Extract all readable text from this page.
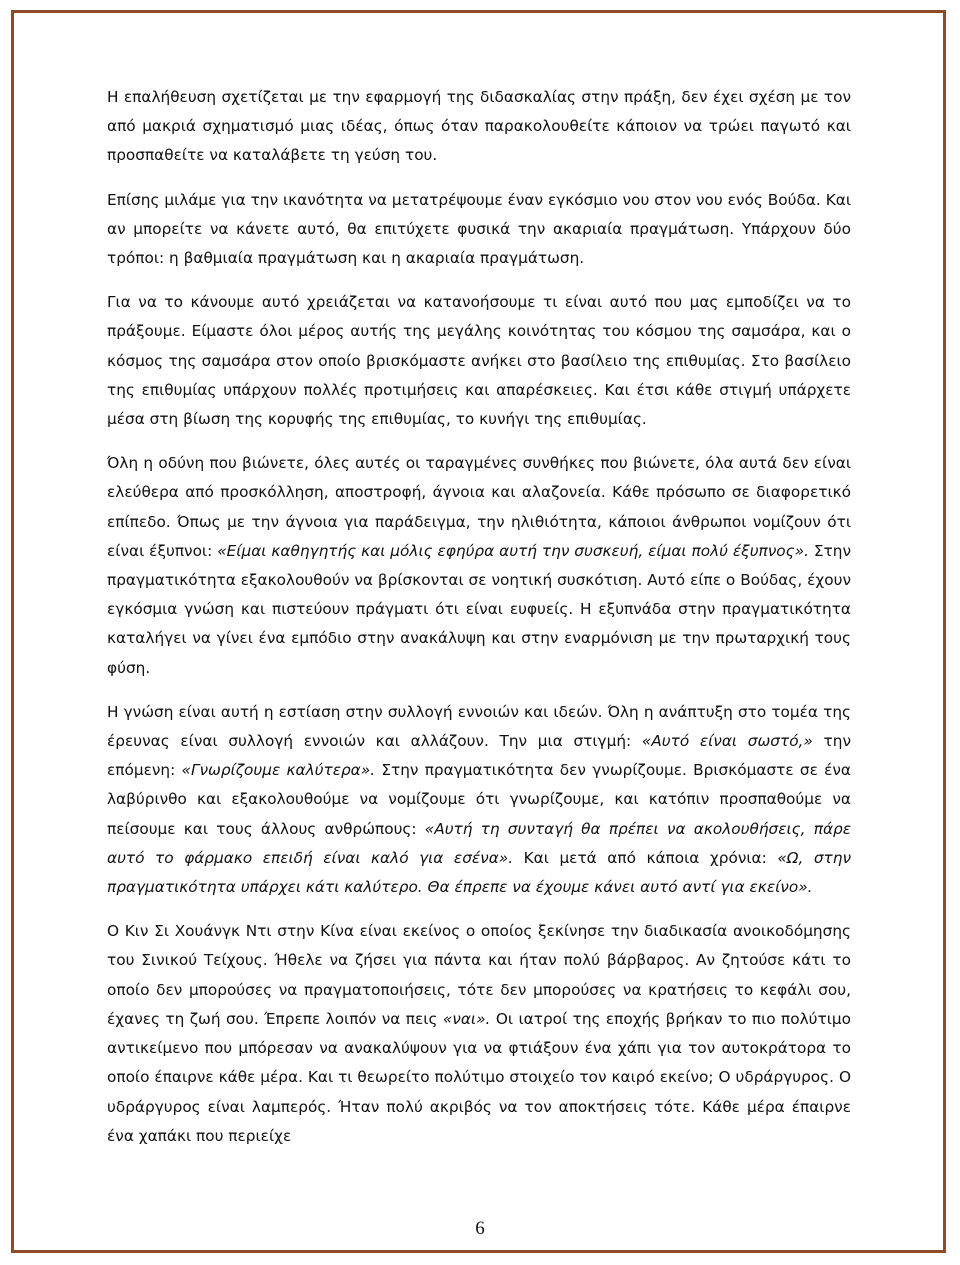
Η επαλήθευση σχετίζεται με την εφαρμογή της διδασκαλίας στην πράξη, δεν έχει σχέση με τον από μακριά σχηματισμό μιας ιδέας, όπως όταν παρακολουθείτε κάποιον να τρώει παγωτό και προσπαθείτε να καταλάβετε τη γεύση του.

Επίσης μιλάμε για την ικανότητα να μετατρέψουμε έναν εγκόσμιο νου στον νου ενός Βούδα. Και αν μπορείτε να κάνετε αυτό, θα επιτύχετε φυσικά την ακαριαία πραγμάτωση. Υπάρχουν δύο τρόποι: η βαθμιαία πραγμάτωση και η ακαριαία πραγμάτωση.

Για να το κάνουμε αυτό χρειάζεται να κατανοήσουμε τι είναι αυτό που μας εμποδίζει να το πράξουμε. Είμαστε όλοι μέρος αυτής της μεγάλης κοινότητας του κόσμου της σαμσάρα, και ο κόσμος της σαμσάρα στον οποίο βρισκόμαστε ανήκει στο βασίλειο της επιθυμίας. Στο βασίλειο της επιθυμίας υπάρχουν πολλές προτιμήσεις και απαρέσκειες. Και έτσι κάθε στιγμή υπάρχετε μέσα στη βίωση της κορυφής της επιθυμίας, το κυνήγι της επιθυμίας.

Όλη η οδύνη που βιώνετε, όλες αυτές οι ταραγμένες συνθήκες που βιώνετε, όλα αυτά δεν είναι ελεύθερα από προσκόλληση, αποστροφή, άγνοια και αλαζονεία. Κάθε πρόσωπο σε διαφορετικό επίπεδο. Όπως με την άγνοια για παράδειγμα, την ηλιθιότητα, κάποιοι άνθρωποι νομίζουν ότι είναι έξυπνοι: «Είμαι καθηγητής και μόλις εφηύρα αυτή την συσκευή, είμαι πολύ έξυπνος». Στην πραγματικότητα εξακολουθούν να βρίσκονται σε νοητική συσκότιση. Αυτό είπε ο Βούδας, έχουν εγκόσμια γνώση και πιστεύουν πράγματι ότι είναι ευφυείς. Η εξυπνάδα στην πραγματικότητα καταλήγει να γίνει ένα εμπόδιο στην ανακάλυψη και στην εναρμόνιση με την πρωταρχική τους φύση.

Η γνώση είναι αυτή η εστίαση στην συλλογή εννοιών και ιδεών. Όλη η ανάπτυξη στο τομέα της έρευνας είναι συλλογή εννοιών και αλλάζουν. Την μια στιγμή: «Αυτό είναι σωστό,» την επόμενη: «Γνωρίζουμε καλύτερα». Στην πραγματικότητα δεν γνωρίζουμε. Βρισκόμαστε σε ένα λαβύρινθο και εξακολουθούμε να νομίζουμε ότι γνωρίζουμε, και κατόπιν προσπαθούμε να πείσουμε και τους άλλους ανθρώπους: «Αυτή τη συνταγή θα πρέπει να ακολουθήσεις, πάρε αυτό το φάρμακο επειδή είναι καλό για εσένα». Και μετά από κάποια χρόνια: «Ω, στην πραγματικότητα υπάρχει κάτι καλύτερο. Θα έπρεπε να έχουμε κάνει αυτό αντί για εκείνο».

Ο Κιν Σι Χουάνγκ Ντι στην Κίνα είναι εκείνος ο οποίος ξεκίνησε την διαδικασία ανοικοδόμησης του Σινικού Τείχους. Ήθελε να ζήσει για πάντα και ήταν πολύ βάρβαρος. Αν ζητούσε κάτι το οποίο δεν μπορούσες να πραγματοποιήσεις, τότε δεν μπορούσες να κρατήσεις το κεφάλι σου, έχανες τη ζωή σου. Έπρεπε λοιπόν να πεις «ναι». Οι ιατροί της εποχής βρήκαν το πιο πολύτιμο αντικείμενο που μπόρεσαν να ανακαλύψουν για να φτιάξουν ένα χάπι για τον αυτοκράτορα το οποίο έπαιρνε κάθε μέρα. Και τι θεωρείτο πολύτιμο στοιχείο τον καιρό εκείνο; Ο υδράργυρος. Ο υδράργυρος είναι λαμπερός. Ήταν πολύ ακριβός να τον αποκτήσεις τότε. Κάθε μέρα έπαιρνε ένα χαπάκι που περιείχε

6
